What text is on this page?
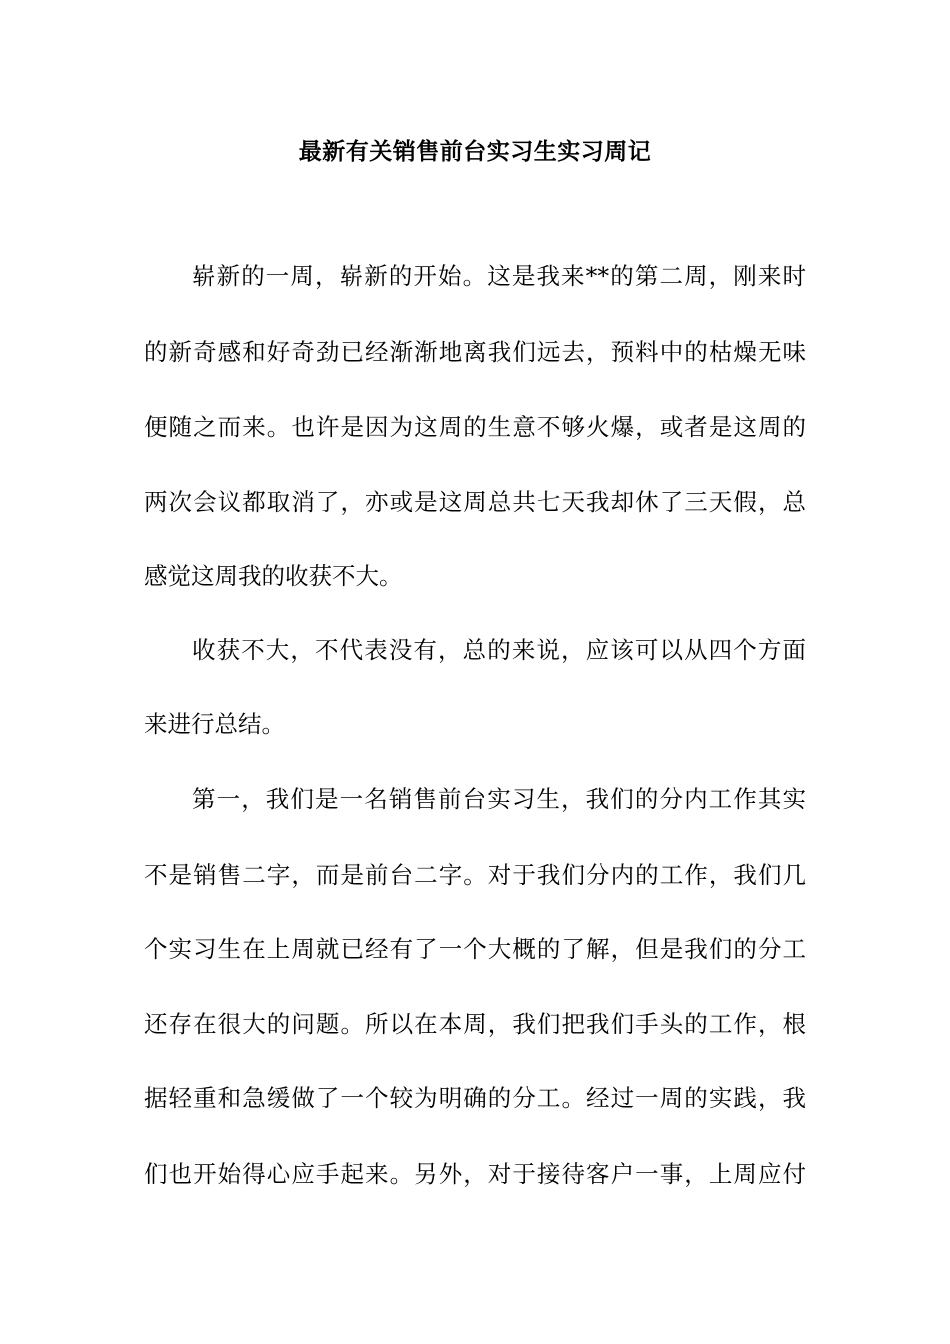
最新有关销售前台实习生实习周记
崭新的一周，崭新的开始。这是我来**的第二周，刚来时
的新奇感和好奇劲已经渐渐地离我们远去，预料中的枯燥无味
便随之而来。也许是因为这周的生意不够火爆，或者是这周的
两次会议都取消了，亦或是这周总共七天我却休了三天假，总
感觉这周我的收获不大。
收获不大，不代表没有，总的来说，应该可以从四个方面
来进行总结。
第一，我们是一名销售前台实习生，我们的分内工作其实
不是销售二字，而是前台二字。对于我们分内的工作，我们几
个实习生在上周就已经有了一个大概的了解，但是我们的分工
还存在很大的问题。所以在本周，我们把我们手头的工作，根
据轻重和急缓做了一个较为明确的分工。经过一周的实践，我
们也开始得心应手起来。另外，对于接待客户一事，上周应付
